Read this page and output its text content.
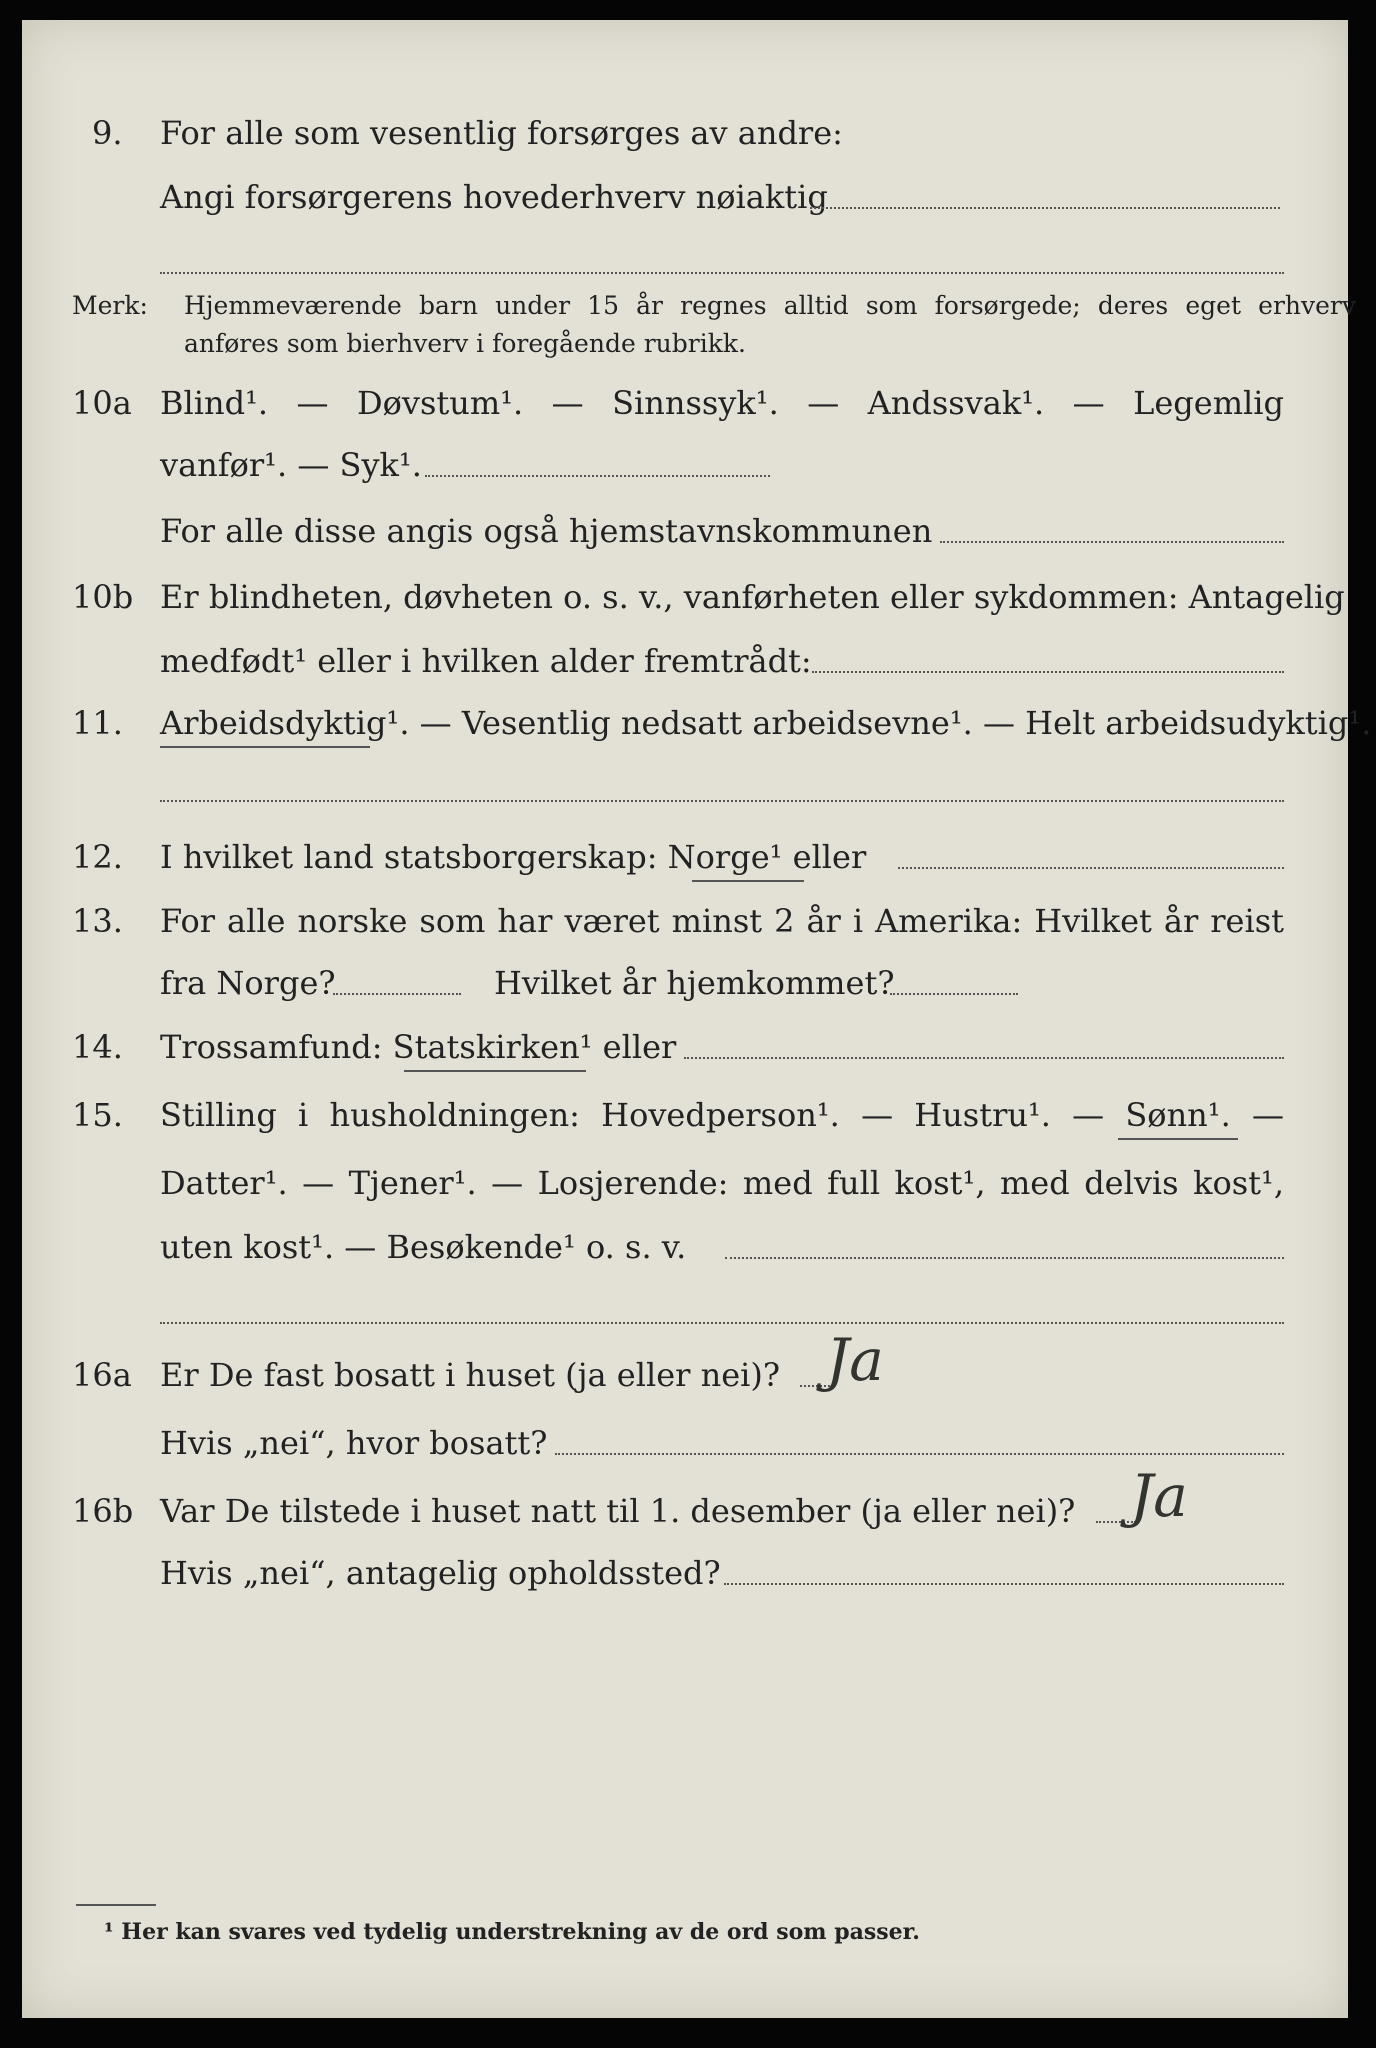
9. For alle som vesentlig forsørges av andre:
Angi forsørgerens hovederhverv nøiaktig
Merk: Hjemmeværende barn under 15 år regnes alltid som forsørgede; deres eget erhverv
anføres som bierhverv i foregående rubrikk.
10a Blind¹. — Døvstum¹. — Sinnssyk¹. — Andssvak¹. — Legemlig
vanfør¹. — Syk¹.
For alle disse angis også hjemstavnskommunen
10b Er blindheten, døvheten o. s. v., vanførheten eller sykdommen: Antagelig
medfødt¹ eller i hvilken alder fremtrådt:
11. Arbeidsdyktig¹. — Vesentlig nedsatt arbeidsevne¹. — Helt arbeidsudyktig¹.
12. I hvilket land statsborgerskap: Norge¹ eller
13. For alle norske som har været minst 2 år i Amerika: Hvilket år reist
fra Norge?	Hvilket år hjemkommet?
14. Trossamfund: Statskirken¹ eller
15. Stilling i husholdningen: Hovedperson¹. — Hustru¹. — Sønn¹. —
Datter¹. — Tjener¹. — Losjerende: med full kost¹, med delvis kost¹,
uten kost¹. — Besøkende¹ o. s. v.
16a Er De fast bosatt i huset (ja eller nei)? Ja
Hvis „nei“, hvor bosatt?
16b Var De tilstede i huset natt til 1. desember (ja eller nei)? Ja
Hvis „nei“, antagelig opholdssted?
¹ Her kan svares ved tydelig understrekning av de ord som passer.
